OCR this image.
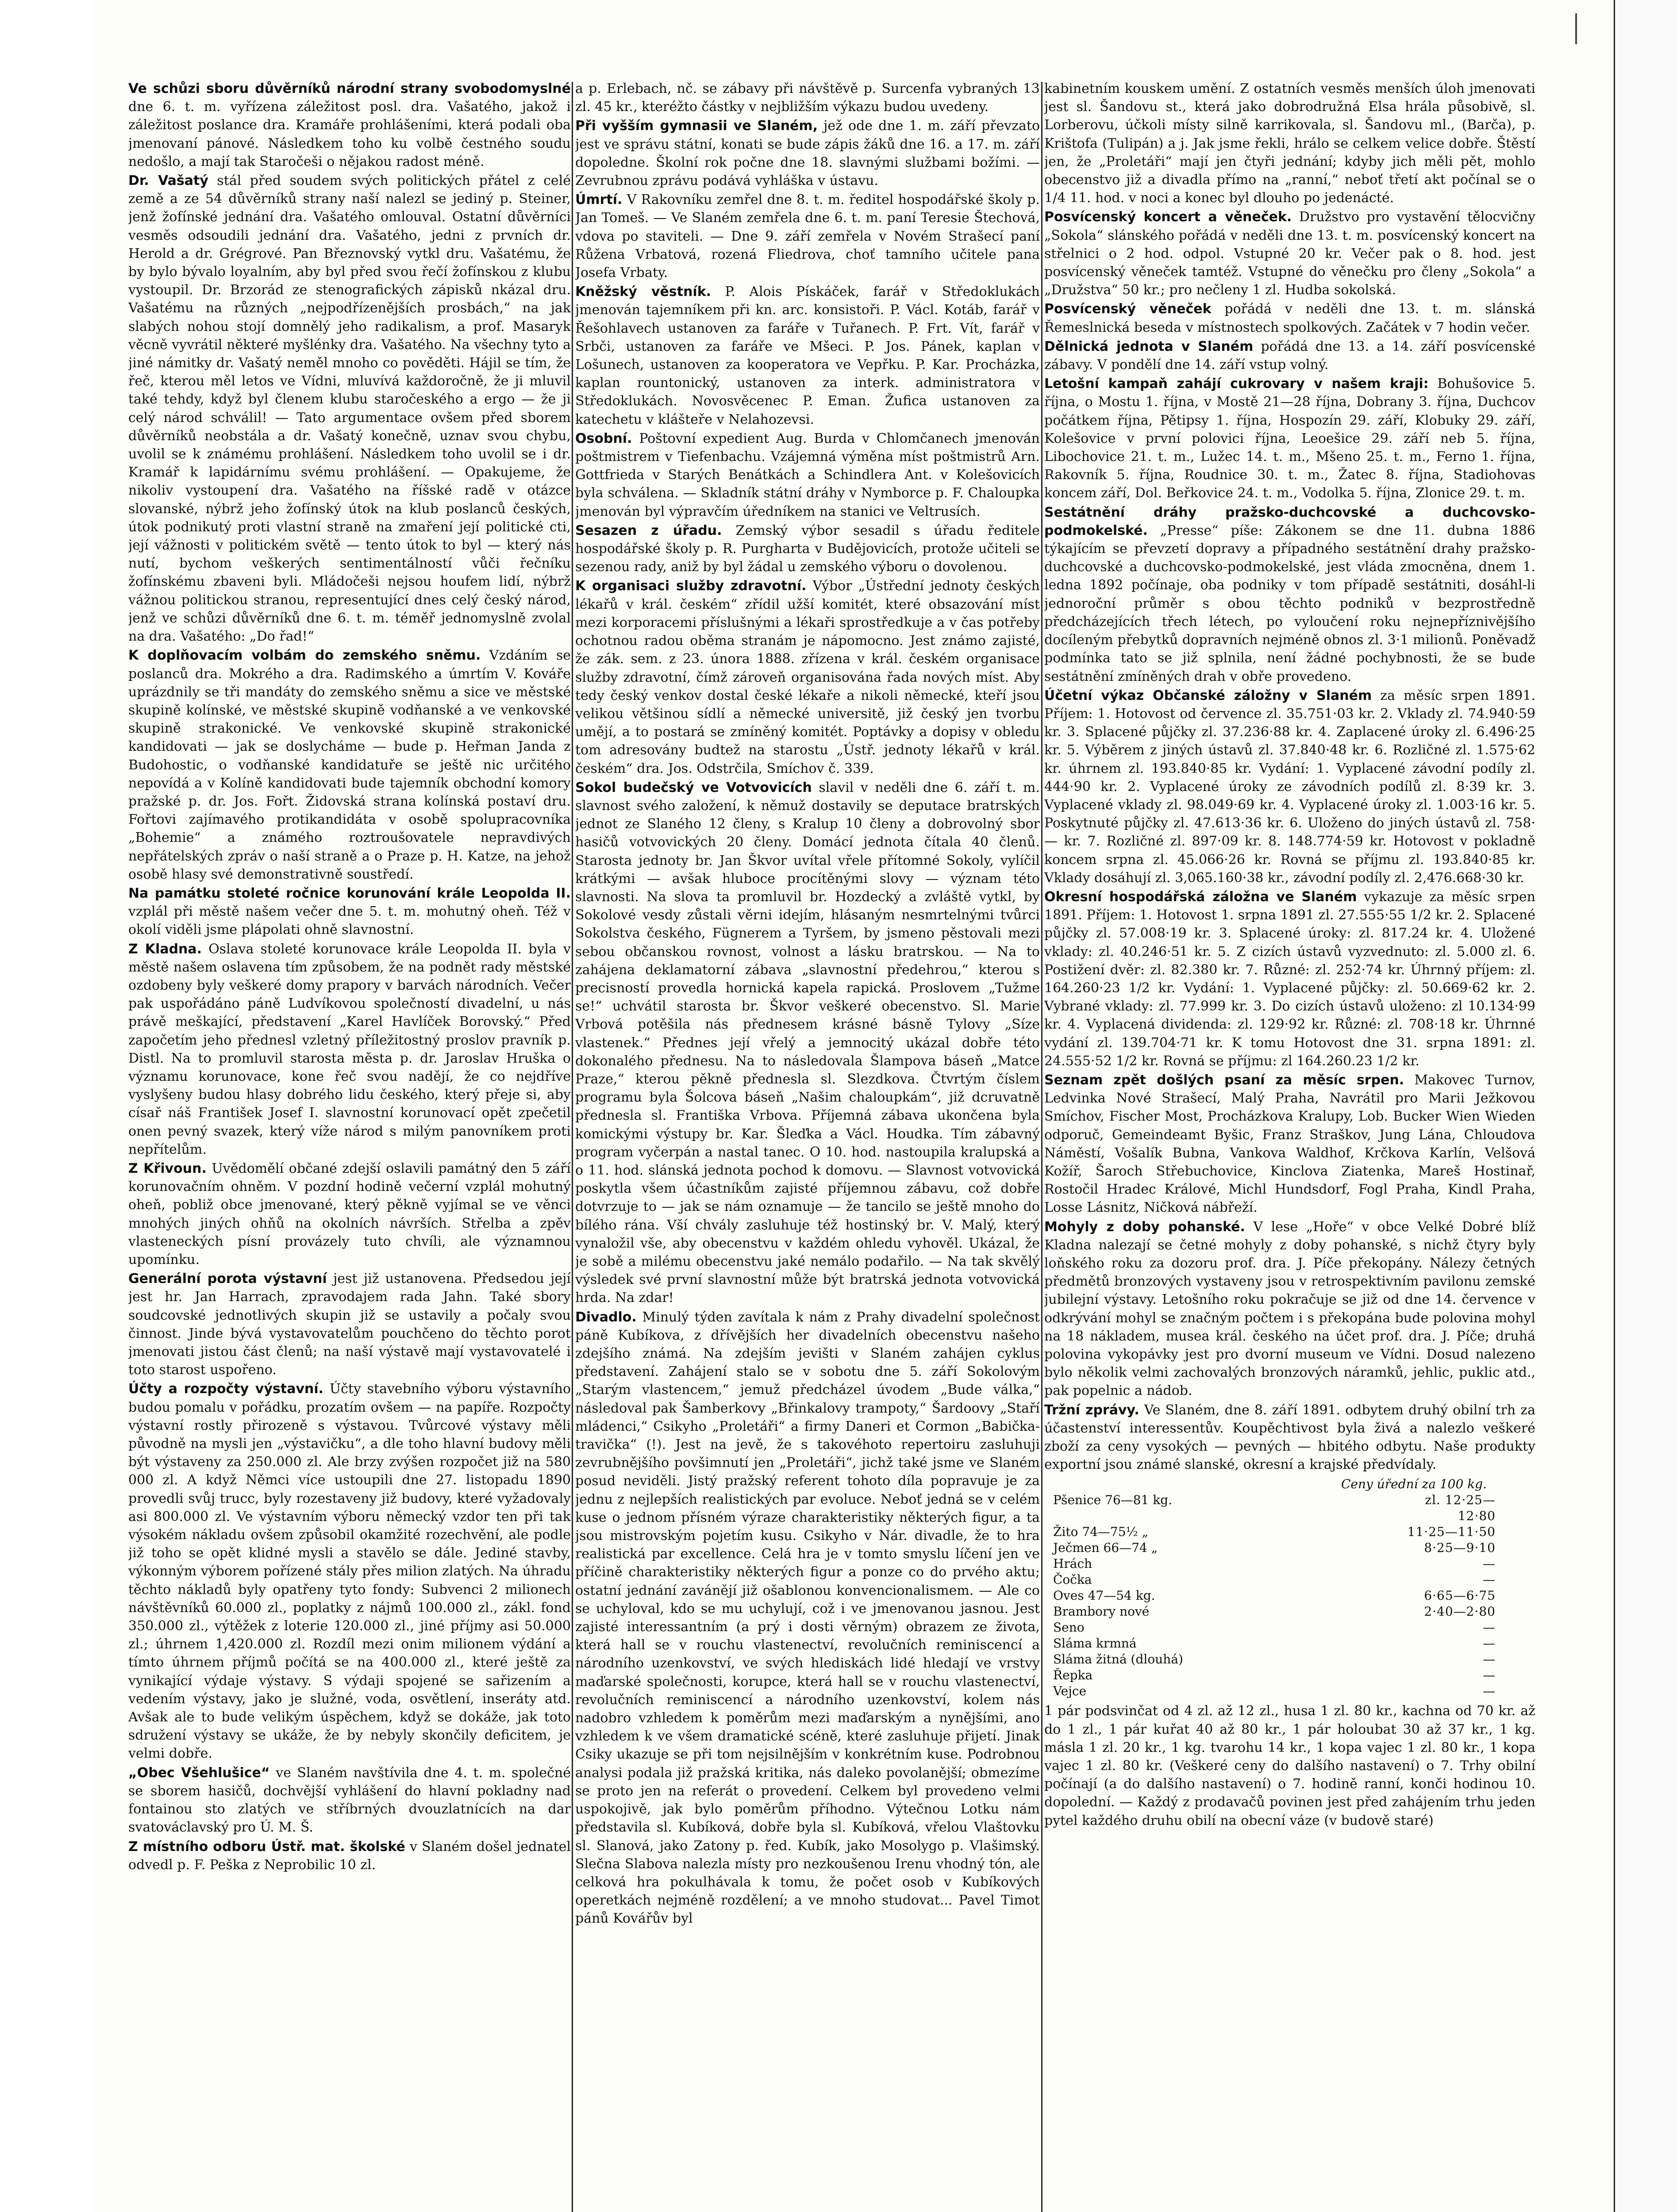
Ve schůzi sboru důvěrníků národní strany svobodomyslné dne 6. t. m. vyřízena záležitost posl. dra. Vašatého, jakož i záležitost poslance dra. Kramáře prohlášeními, která podali oba jmenovaní pánové. Následkem toho ku volbě čestného soudu nedošlo, a mají tak Staročeši o nějakou radost méně.

Dr. Vašatý stál před soudem svých politických přátel z celé země a ze 54 důvěrníků strany naší nalezl se jediný p. Steiner, jenž žofínské jednání dra. Vašatého omlouval. Ostatní důvěrníci vesměs odsoudili jednání dra. Vašatého, jedni z prvních dr. Herold a dr. Grégrové. Pan Březnovský vytkl dru. Vašatému, že by bylo bývalo loyalním, aby byl před svou řečí žofínskou z klubu vystoupil. Dr. Brzorád ze stenografických zápisků nkázal dru. Vašatému na různých „nejpodřízenějších prosbách,“ na jak slabých nohou stojí domnělý jeho radikalism, a prof. Masaryk věcně vyvrátil některé myšlénky dra. Vašatého. Na všechny tyto a jiné námitky dr. Vašatý neměl mnoho co pověděti. Hájil se tím, že řeč, kterou měl letos ve Vídni, mluvívá každoročně, že ji mluvil také tehdy, když byl členem klubu staročeského a ergo — že ji celý národ schválil! — Tato argumentace ovšem před sborem důvěrníků neobstála a dr. Vašatý konečně, uznav svou chybu, uvolil se k známému prohlášení. Následkem toho uvolil se i dr. Kramář k lapidárnímu svému prohlášení. — Opakujeme, že nikoliv vystoupení dra. Vašatého na říšské radě v otázce slovanské, nýbrž jeho žofínský útok na klub poslanců českých, útok podnikutý proti vlastní straně na zmaření její politické cti, její vážnosti v politickém světě — tento útok to byl — který nás nutí, bychom veškerých sentimentálností vůči řečníku žofínskému zbaveni byli. Mládočeši nejsou houfem lidí, nýbrž vážnou politickou stranou, representující dnes celý český národ, jenž ve schůzi důvěrníků dne 6. t. m. téměř jednomyslně zvolal na dra. Vašatého: „Do řad!“

K doplňovacím volbám do zemského sněmu. Vzdáním se poslanců dra. Mokrého a dra. Radimského a úmrtím V. Kováře uprázdnily se tři mandáty do zemského sněmu a sice ve městské skupině kolínské, ve městské skupině vodňanské a ve venkovské skupině strakonické. Ve venkovské skupině strakonické kandidovati — jak se doslycháme — bude p. Heřman Janda z Budohostic, o vodňanské kandidatuře se ještě nic určitého nepovídá a v Kolíně kandidovati bude tajemník obchodní komory pražské p. dr. Jos. Fořt. Židovská strana kolínská postaví dru. Fořtovi zajímavého protikandidáta v osobě spolupracovníka „Bohemie“ a známého roztroušovatele nepravdivých nepřátelských zpráv o naší straně a o Praze p. H. Katze, na jehož osobě hlasy své demonstrativně soustředí.

Na památku stoleté ročnice korunování krále Leopolda II. vzplál při městě našem večer dne 5. t. m. mohutný oheň. Též v okolí viděli jsme plápolati ohně slavnostní.

Z Kladna. Oslava stoleté korunovace krále Leopolda II. byla v městě našem oslavena tím způsobem, že na podnět rady městské ozdobeny byly veškeré domy prapory v barvách národních. Večer pak uspořádáno páně Ludvíkovou společností divadelní, u nás právě meškající, představení „Karel Havlíček Borovský.“ Před započetím jeho přednesl vzletný příležitostný proslov pravník p. Distl. Na to promluvil starosta města p. dr. Jaroslav Hruška o významu korunovace, kone řeč svou nadějí, že co nejdříve vyslyšeny budou hlasy dobrého lidu českého, který přeje si, aby císař náš František Josef I. slavnostní korunovací opět zpečetil onen pevný svazek, který víže národ s milým panovníkem proti nepřítelům.

Z Křivoun. Uvědomělí občané zdejší oslavili památný den 5 září korunovačním ohněm. V pozdní hodině večerní vzplál mohutný oheň, pobliž obce jmenované, který pěkně vyjímal se ve věnci mnohých jiných ohňů na okolních návrších. Střelba a zpěv vlasteneckých písní provázely tuto chvíli, ale významnou upomínku.

Generální porota výstavní jest již ustanovena. Předsedou její jest hr. Jan Harrach, zpravodajem rada Jahn. Také sbory soudcovské jednotlivých skupin již se ustavily a počaly svou činnost. Jinde bývá vystavovatelům pouchčeno do těchto porot jmenovati jistou část členů; na naší výstavě mají vystavovatelé i toto starost uspořeno.

Účty a rozpočty výstavní. Účty stavebního výboru výstavního budou pomalu v pořádku, prozatím ovšem — na papíře. Rozpočty výstavní rostly přirozeně s výstavou. Tvůrcové výstavy měli původně na mysli jen „výstavičku“, a dle toho hlavní budovy měli být výstaveny za 250.000 zl. Ale brzy zvýšen rozpočet již na 580 000 zl. A když Němci více ustoupili dne 27. listopadu 1890 provedli svůj trucc, byly rozestaveny již budovy, které vyžadovaly asi 800.000 zl. Ve výstavním výboru německý vzdor ten při tak výsokém nákladu ovšem způsobil okamžité rozechvění, ale podle již toho se opět klidné mysli a stavělo se dále. Jediné stavby, výkonným výborem pořízené stály přes milion zlatých. Na úhradu těchto nákladů byly opatřeny tyto fondy: Subvenci 2 milionech návštěvníků 60.000 zl., poplatky z nájmů 100.000 zl., zákl. fond 350.000 zl., výtěžek z loterie 120.000 zl., jiné příjmy asi 50.000 zl.; úhrnem 1,420.000 zl. Rozdíl mezi onim milionem výdání a tímto úhrnem příjmů počítá se na 400.000 zl., které ještě za vynikající výdaje výstavy. S výdaji spojené se sařizením a vedením výstavy, jako je služné, voda, osvětlení, inseráty atd. Avšak ale to bude velikým úspěchem, když se dokáže, jak toto sdružení výstavy se ukáže, že by nebyly skončily deficitem, je velmi dobře.

„Obec Všehlušice“ ve Slaném navštívila dne 4. t. m. společné se sborem hasičů, dochvější vyhlášení do hlavní pokladny nad fontainou sto zlatých ve stříbrných dvouzlatnících na dar svatováclavský pro Ú. M. Š.

Z místního odboru Ústř. mat. školské v Slaném došel jednatel odvedl p. F. Peška z Neprobilic 10 zl.

a p. Erlebach, nč. se zábavy při návštěvě p. Surcenfa vybraných 13 zl. 45 kr., kteréžto částky v nejbližším výkazu budou uvedeny.

Při vyšším gymnasii ve Slaném, jež ode dne 1. m. září převzato jest ve správu státní, konati se bude zápis žáků dne 16. a 17. m. září dopoledne. Školní rok počne dne 18. slavnými službami božími. — Zevrubnou zprávu podává vyhláška v ústavu.

Úmrtí. V Rakovníku zemřel dne 8. t. m. ředitel hospodářské školy p. Jan Tomeš. — Ve Slaném zemřela dne 6. t. m. paní Teresie Štechová, vdova po staviteli. — Dne 9. září zemřela v Novém Strašecí paní Růžena Vrbatová, rozená Fliedrova, choť tamního učitele pana Josefa Vrbaty.

Kněžský věstník. P. Alois Pískáček, farář v Středoklukách jmenován tajemníkem při kn. arc. konsistoři. P. Václ. Kotáb, farář v Řešohlavech ustanoven za faráře v Tuřanech. P. Frt. Vít, farář v Srbči, ustanoven za faráře ve Mšeci. P. Jos. Pánek, kaplan v Lošunech, ustanoven za kooperatora ve Vepřku. P. Kar. Procházka, kaplan rountonický, ustanoven za interk. administratora v Středoklukách. Novosvěcenec P. Eman. Žufica ustanoven za katechetu v klášteře v Nelahozevsi.

Osobní. Poštovní expedient Aug. Burda v Chlomčanech jmenován poštmistrem v Tiefenbachu. Vzájemná výměna míst poštmistrů Arn. Gottfrieda v Starých Benátkách a Schindlera Ant. v Kolešovicích byla schválena. — Skladník státní dráhy v Nymborce p. F. Chaloupka jmenován byl výpravčím úředníkem na stanici ve Veltrusích.

Sesazen z úřadu. Zemský výbor sesadil s úřadu ředitele hospodářské školy p. R. Purgharta v Budějovicích, protože učiteli se sezenou rady, aniž by byl žádal u zemského výboru o dovolenou.

K organisaci služby zdravotní. Výbor „Ústřední jednoty českých lékařů v král. českém“ zřídil užší komitét, které obsazování míst mezi korporacemi příslušnými a lékaři sprostředkuje a v čas potřeby ochotnou radou oběma stranám je nápomocno. Jest známo zajisté, že zák. sem. z 23. února 1888. zřízena v král. českém organisace služby zdravotní, čímž zároveň organisována řada nových míst. Aby tedy český venkov dostal české lékaře a nikoli německé, kteří jsou velikou většinou sídlí a německé universitě, již český jen tvorbu umějí, a to postará se zmíněný komitét. Poptávky a dopisy v obledu tom adresovány budtež na starostu „Ústř. jednoty lékařů v král. českém“ dra. Jos. Odstrčila, Smíchov č. 339.

Sokol budečský ve Votvovicích slavil v neděli dne 6. září t. m. slavnost svého založení, k němuž dostavily se deputace bratrských jednot ze Slaného 12 členy, s Kralup 10 členy a dobrovolný sbor hasičů votvovických 20 členy. Domácí jednota čítala 40 členů. Starosta jednoty br. Jan Škvor uvítal vřele přítomné Sokoly, vylíčil krátkými — avšak hluboce procítěnými slovy — význam této slavnosti. Na slova ta promluvil br. Hozdecký a zvláště vytkl, by Sokolové vesdy zůstali věrni idejím, hlásaným nesmrtelnými tvůrci Sokolstva českého, Fügnerem a Tyršem, by jsmeno pěstovali mezi sebou občanskou rovnost, volnost a lásku bratrskou. — Na to zahájena deklamatorní zábava „slavnostní předehrou,“ kterou s precisností provedla hornická kapela rapická. Proslovem „Tužme se!“ uchvátil starosta br. Škvor veškeré obecenstvo. Sl. Marie Vrbová potěšila nás přednesem krásné básně Tylovy „Síze vlastenek.“ Přednes její vřelý a jemnocitý ukázal dobře této dokonalého přednesu. Na to následovala Šlampova báseň „Matce Praze,“ kterou pěkně přednesla sl. Slezdkova. Čtvrtým číslem programu byla Šolcova báseň „Našim chaloupkám“, již dcruvatně přednesla sl. Františka Vrbova. Příjemná zábava ukončena byla komickými výstupy br. Kar. Šleďka a Václ. Houdka. Tím zábavný program vyčerpán a nastal tanec. O 10. hod. nastoupila kralupská a o 11. hod. slánská jednota pochod k domovu. — Slavnost votvovická poskytla všem účastníkům zajisté příjemnou zábavu, což dobře dotvrzuje to — jak se nám oznamuje — že tancilo se ještě mnoho do bílého rána. Vší chvály zasluhuje též hostinský br. V. Malý, který vynaložil vše, aby obecenstvu v každém ohledu vyhověl. Ukázal, že je sobě a milému obecenstvu jaké nemálo podařilo. — Na tak skvělý výsledek své první slavnostní může být bratrská jednota votvovická hrda. Na zdar!

Divadlo. Minulý týden zavítala k nám z Prahy divadelní společnost páně Kubíkova, z dřívějších her divadelních obecenstvu našeho zdejšího známá. Na zdejším jevišti v Slaném zahájen cyklus představení. Zahájení stalo se v sobotu dne 5. září Sokolovým „Starým vlastencem,“ jemuž předcházel úvodem „Bude válka,“ následoval pak Šamberkovy „Břinkalovy trampoty,“ Šardoovy „Staří mládenci,“ Csikyho „Proletáři“ a firmy Daneri et Cormon „Babička-travička“ (!). Jest na jevě, že s takovéhoto repertoiru zasluhuji zevrubnějšího povšimnutí jen „Proletáři“, jichž také jsme ve Slaném posud neviděli. Jistý pražský referent tohoto díla popravuje je za jednu z nejlepších realistických par evoluce. Neboť jedná se v celém kuse o jednom přísném výraze charakteristiky některých figur, a ta jsou mistrovským pojetím kusu. Csikyho v Nár. divadle, že to hra realistická par excellence. Celá hra je v tomto smyslu líčení jen ve příčině charakteristiky některých figur a ponze co do prvého aktu; ostatní jednání zavánějí již ošablonou konvencionalismem. — Ale co se uchyloval, kdo se mu uchylují, což i ve jmenovanou jasnou. Jest zajisté interessantním (a prý i dosti věrným) obrazem ze života, která hall se v rouchu vlastenectví, revolučních reminiscencí a národního uzenkovství, ve svých hlediskách lidé hledají ve vrstvy maďarské společnosti, korupce, která hall se v rouchu vlastenectví, revolučních reminiscencí a národního uzenkovství, kolem nás nadobro vzhledem k poměrům mezi maďarským a nynějšími, ano vzhledem k ve všem dramatické scéně, které zasluhuje přijetí. Jinak Csiky ukazuje se při tom nejsilnějším v konkrétním kuse. Podrobnou analysi podala již pražská kritika, nás daleko povolanější; obmezíme se proto jen na referát o provedení. Celkem byl provedeno velmi uspokojivě, jak bylo poměrům příhodno. Výtečnou Lotku nám představila sl. Kubíková, dobře byla sl. Kubíková, vřelou Vlaštovku sl. Slanová, jako Zatony p. řed. Kubík, jako Mosolygo p. Vlašimský. Slečna Slabova nalezla místy pro nezkoušenou Irenu vhodný tón, ale celková hra pokulhávala k tomu, že počet osob v Kubíkových operetkách nejméně rozdělení; a ve mnoho studovat... Pavel Timot pánů Kovářův byl

kabinetním kouskem umění. Z ostatních vesměs menších úloh jmenovati jest sl. Šandovu st., která jako dobrodružná Elsa hrála působivě, sl. Lorberovu, účkoli místy silně karrikovala, sl. Šandovu ml., (Barča), p. Krištofa (Tulipán) a j. Jak jsme řekli, hrálo se celkem velice dobře. Štěstí jen, že „Proletáři“ mají jen čtyři jednání; kdyby jich měli pět, mohlo obecenstvo již a divadla přímo na „ranní,“ neboť třetí akt počínal se o 1/4 11. hod. v noci a konec byl dlouho po jedenácté.

Posvícenský koncert a věneček. Družstvo pro vystavění tělocvičny „Sokola“ slánského pořádá v neděli dne 13. t. m. posvícenský koncert na střelnici o 2 hod. odpol. Vstupné 20 kr. Večer pak o 8. hod. jest posvícenský věneček tamtéž. Vstupné do věnečku pro členy „Sokola“ a „Družstva“ 50 kr.; pro nečleny 1 zl. Hudba sokolská.

Posvícenský věneček pořádá v neděli dne 13. t. m. slánská Řemeslnická beseda v místnostech spolkových. Začátek v 7 hodin večer.

Dělnická jednota v Slaném pořádá dne 13. a 14. září posvícenské zábavy. V pondělí dne 14. září vstup volný.

Letošní kampaň zahájí cukrovary v našem kraji: Bohušovice 5. října, o Mostu 1. října, v Mostě 21—28 října, Dobrany 3. října, Duchcov počátkem října, Pětipsy 1. října, Hospozín 29. září, Klobuky 29. září, Kolešovice v první polovici října, Leoešice 29. září neb 5. října, Libochovice 21. t. m., Lužec 14. t. m., Mšeno 25. t. m., Ferno 1. října, Rakovník 5. října, Roudnice 30. t. m., Žatec 8. října, Stadiohovas koncem září, Dol. Beřkovice 24. t. m., Vodolka 5. října, Zlonice 29. t. m.

Sestátnění dráhy pražsko-duchcovské a duchcovsko-podmokelské. „Presse“ píše: Zákonem se dne 11. dubna 1886 týkajícím se převzetí dopravy a případného sestátnění drahy pražsko-duchcovské a duchcovsko-podmokelské, jest vláda zmocněna, dnem 1. ledna 1892 počínaje, oba podniky v tom případě sestátniti, dosáhl-li jednoroční průměr s obou těchto podniků v bezprostředně předcházejících třech létech, po vyloučení roku nejnepříznivějšího docíleným přebytků dopravních nejméně obnos zl. 3·1 milionů. Poněvadž podmínka tato se již splnila, není žádné pochybnosti, že se bude sestátnění zmíněných drah v obře provedeno.

Účetní výkaz Občanské záložny v Slaném za měsíc srpen 1891. Příjem: 1. Hotovost od července zl. 35.751·03 kr. 2. Vklady zl. 74.940·59 kr. 3. Splacené půjčky zl. 37.236·88 kr. 4. Zaplacené úroky zl. 6.496·25 kr. 5. Výběrem z jiných ústavů zl. 37.840·48 kr. 6. Rozličné zl. 1.575·62 kr. úhrnem zl. 193.840·85 kr. Vydání: 1. Vyplacené závodní podíly zl. 444·90 kr. 2. Vyplacené úroky ze závodních podílů zl. 8·39 kr. 3. Vyplacené vklady zl. 98.049·69 kr. 4. Vyplacené úroky zl. 1.003·16 kr. 5. Poskytnuté půjčky zl. 47.613·36 kr. 6. Uloženo do jiných ústavů zl. 758·— kr. 7. Rozličné zl. 897·09 kr. 8. 148.774·59 kr. Hotovost v pokladně koncem srpna zl. 45.066·26 kr. Rovná se příjmu zl. 193.840·85 kr. Vklady dosáhují zl. 3,065.160·38 kr., závodní podíly zl. 2,476.668·30 kr.

Okresní hospodářská záložna ve Slaném vykazuje za měsíc srpen 1891. Příjem: 1. Hotovost 1. srpna 1891 zl. 27.555·55 1/2 kr. 2. Splacené půjčky zl. 57.008·19 kr. 3. Splacené úroky: zl. 817.24 kr. 4. Uložené vklady: zl. 40.246·51 kr. 5. Z cizích ústavů vyzvednuto: zl. 5.000 zl. 6. Postižení dvěr: zl. 82.380 kr. 7. Různé: zl. 252·74 kr. Úhrnný příjem: zl. 164.260·23 1/2 kr. Vydání: 1. Vyplacené půjčky: zl. 50.669·62 kr. 2. Vybrané vklady: zl. 77.999 kr. 3. Do cizích ústavů uloženo: zl 10.134·99 kr. 4. Vyplacená dividenda: zl. 129·92 kr. Různé: zl. 708·18 kr. Úhrnné vydání zl. 139.704·71 kr. K tomu Hotovost dne 31. srpna 1891: zl. 24.555·52 1/2 kr. Rovná se příjmu: zl 164.260.23 1/2 kr.

Seznam zpět došlých psaní za měsíc srpen. Makovec Turnov, Ledvinka Nové Strašecí, Malý Praha, Navrátil pro Marii Ježkovou Smíchov, Fischer Most, Procházkova Kralupy, Lob. Bucker Wien Wieden odporuč, Gemeindeamt Byšic, Franz Straškov, Jung Lána, Chloudova Náměstí, Vošalík Bubna, Vankova Waldhof, Krčkova Karlín, Velšová Kožíř, Šaroch Střebuchovice, Kinclova Ziatenka, Mareš Hostinař, Rostočil Hradec Králové, Michl Hundsdorf, Fogl Praha, Kindl Praha, Losse Lásnitz, Ničková nábřeží.

Mohyly z doby pohanské. V lese „Hoře“ v obce Velké Dobré blíž Kladna nalezají se četné mohyly z doby pohanské, s nichž čtyry byly loňského roku za dozoru prof. dra. J. Píče překopány. Nálezy četných předmětů bronzových vystaveny jsou v retrospektivním pavilonu zemské jubilejní výstavy. Letošního roku pokračuje se již od dne 14. července v odkrývání mohyl se značným počtem i s překopána bude polovina mohyl na 18 nákladem, musea král. českého na účet prof. dra. J. Píče; druhá polovina vykopávky jest pro dvorní museum ve Vídni. Dosud nalezeno bylo několik velmi zachovalých bronzových náramků, jehlic, puklic atd., pak popelnic a nádob.

Tržní zprávy. Ve Slaném, dne 8. září 1891. odbytem druhý obilní trh za účastenství interessentův. Koupěchtivost byla živá a nalezlo veškeré zboží za ceny vysokých — pevných — hbitého odbytu. Naše produkty exportní jsou známé slanské, okresní a krajské předvídaly.

Ceny úřední za 100 kg.
Pšenice 76—81 kg.	zl. 12·25—12·80
Žito 74—75½ „	11·25—11·50
Ječmen 66—74 „	8·25—9·10
Hrách	—
Čočka	—
Oves 47—54 kg.	6·65—6·75
Brambory nové	2·40—2·80
Seno	—
Sláma krmná	—
Sláma žitná (dlouhá)	—
Řepka	—
Vejce	—

1 pár podsvinčat od 4 zl. až 12 zl., husa 1 zl. 80 kr., kachna od 70 kr. až do 1 zl., 1 pár kuřat 40 až 80 kr., 1 pár holoubat 30 až 37 kr., 1 kg. másla 1 zl. 20 kr., 1 kg. tvarohu 14 kr., 1 kopa vajec 1 zl. 80 kr., 1 kopa vajec 1 zl. 80 kr. (Veškeré ceny do dalšího nastavení) o 7. Trhy obilní počínají (a do dalšího nastavení) o 7. hodině ranní, konči hodinou 10. dopolední. — Každý z prodavačů povinen jest před zahájením trhu jeden pytel každého druhu obilí na obecní váze (v budově staré)
